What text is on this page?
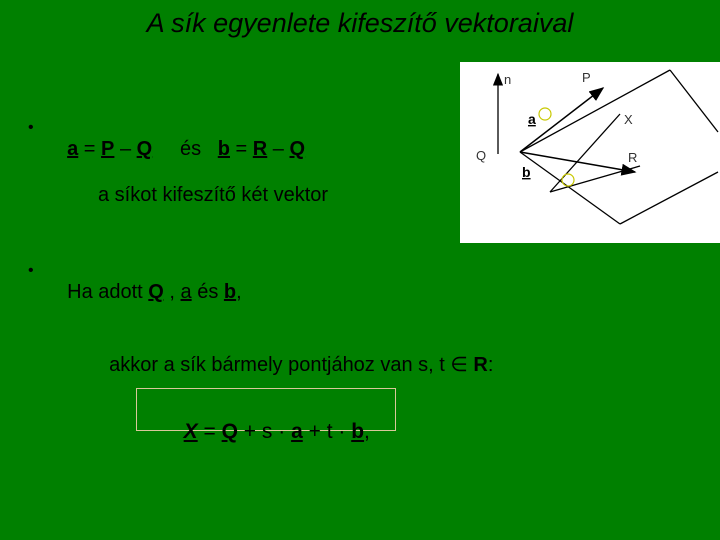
A sík egyenlete kifeszítő vektoraival
•

a = P – Q     és   b = R – Q

a síkot kifeszítő két vektor
•

Ha adott Q , a és b,

akkor a sík bármely pontjához van s, t ∈ R:

X = Q + s · a + t · b,

n	P
X
Q	R
a
b
